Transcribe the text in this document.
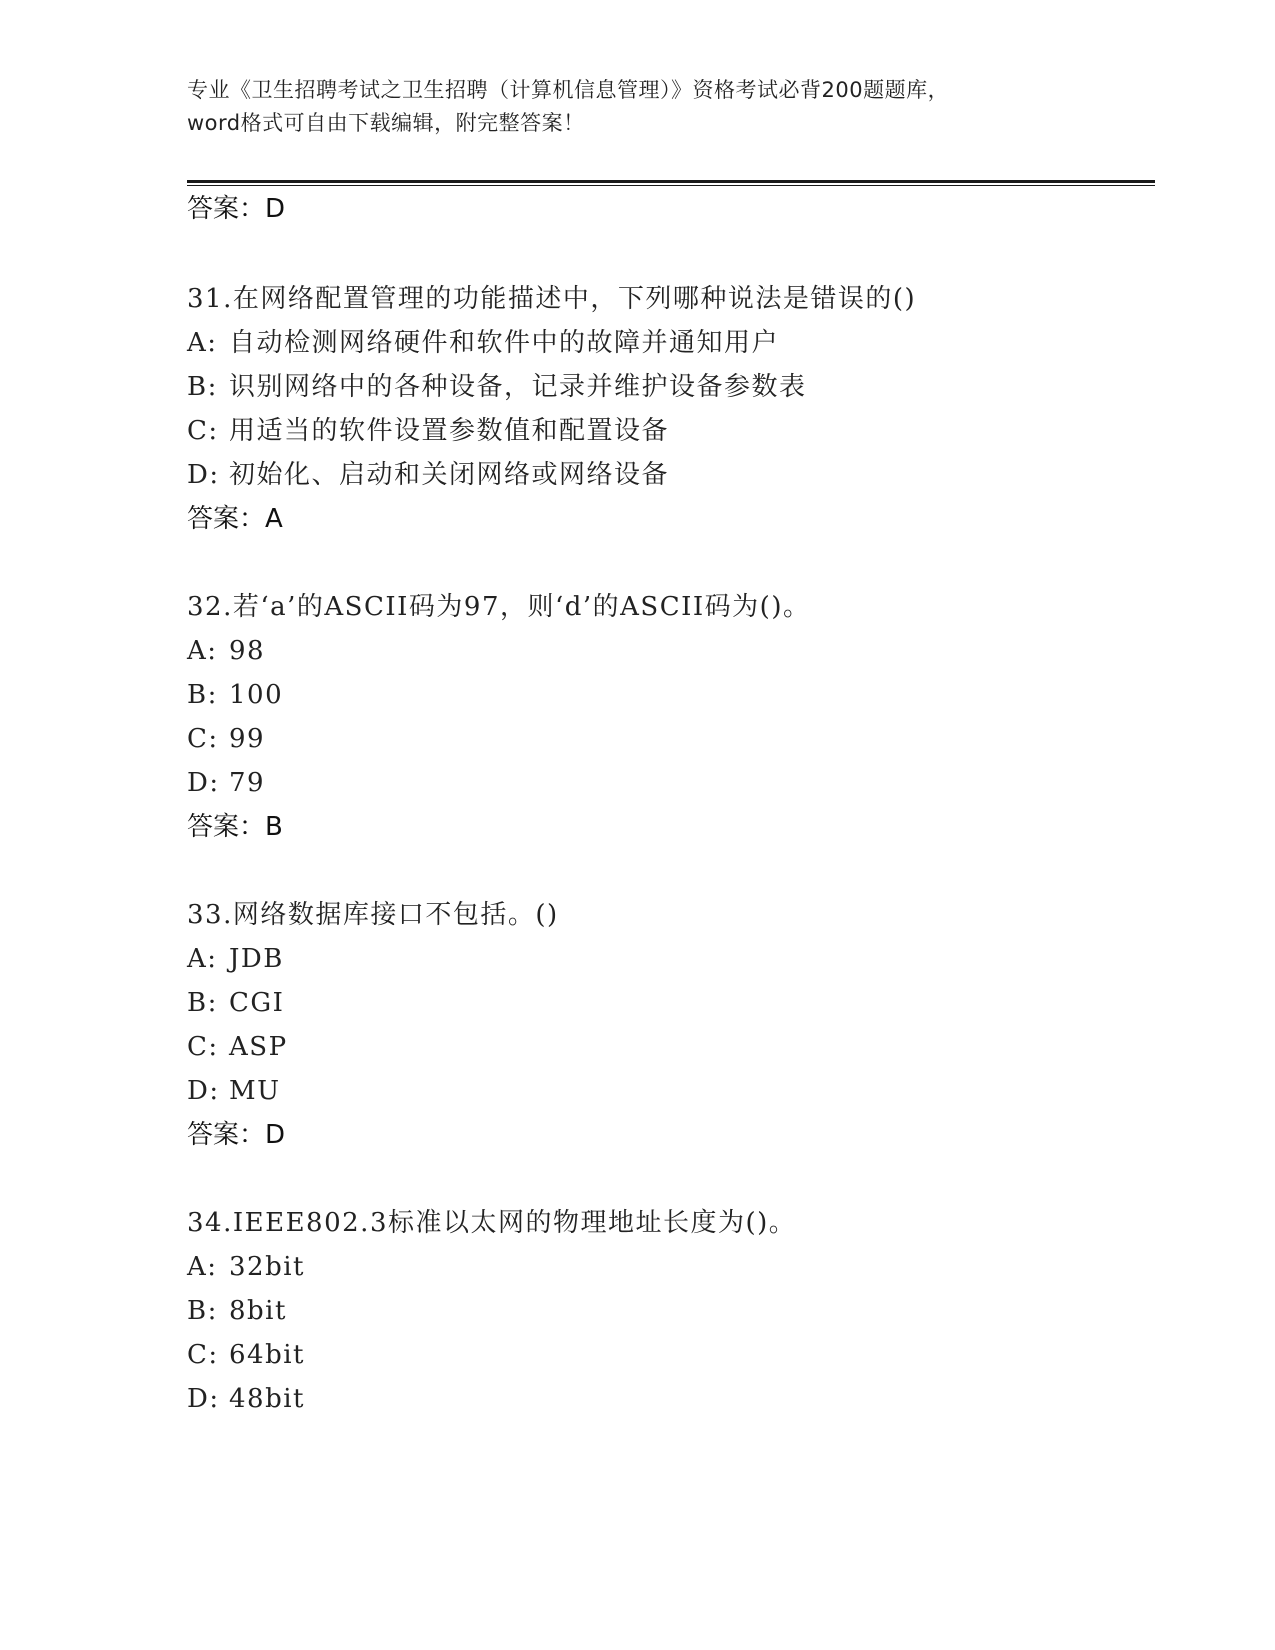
专业《卫生招聘考试之卫生招聘（计算机信息管理）》资格考试必背200题题库，
word格式可自由下载编辑，附完整答案！
答案：D
31.在网络配置管理的功能描述中，下列哪种说法是错误的()
A: 自动检测网络硬件和软件中的故障并通知用户
B: 识别网络中的各种设备，记录并维护设备参数表
C: 用适当的软件设置参数值和配置设备
D: 初始化、启动和关闭网络或网络设备
答案：A
32.若‘a’的ASCII码为97，则‘d’的ASCII码为()。
A: 98
B: 100
C: 99
D: 79
答案：B
33.网络数据库接口不包括。()
A: JDB
B: CGI
C: ASP
D: MU
答案：D
34.IEEE802.3标准以太网的物理地址长度为()。
A: 32bit
B: 8bit
C: 64bit
D: 48bit
